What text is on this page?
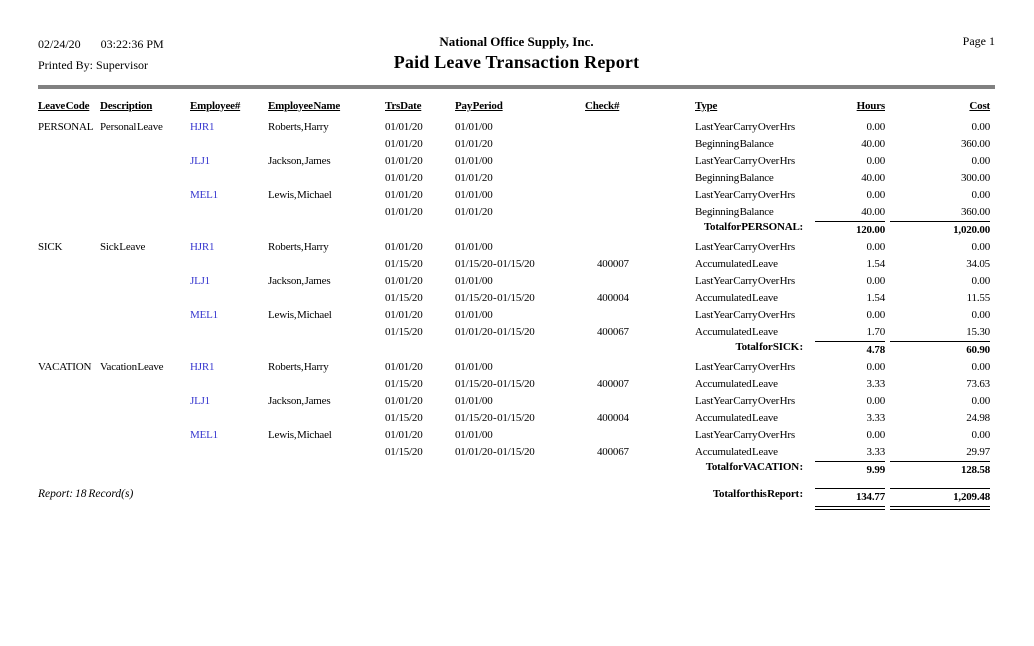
02/24/20 03:22:36 PM
Printed By: Supervisor
National Office Supply, Inc.
Paid Leave Transaction Report
Page 1
Leave Code	Description	Employee#	Employee Name	TrsDate	Pay Period	Check#	Type	Hours	Cost
PERSONAL	Personal Leave	HJR1	Roberts, Harry	01/01/20	01/01/00		Last Year Carry Over Hrs	0.00	0.00
				01/01/20	01/01/20		Beginning Balance	40.00	360.00
		JLJ1	Jackson, James	01/01/20	01/01/00		Last Year Carry Over Hrs	0.00	0.00
				01/01/20	01/01/20		Beginning Balance	40.00	300.00
		MEL1	Lewis, Michael	01/01/20	01/01/00		Last Year Carry Over Hrs	0.00	0.00
				01/01/20	01/01/20		Beginning Balance	40.00	360.00
						Total for PERSONAL :		120.00	1,020.00

SICK	Sick Leave	HJR1	Roberts, Harry	01/01/20	01/01/00		Last Year Carry Over Hrs	0.00	0.00
				01/15/20	01/15/20 - 01/15/20	400007	Accumulated Leave	1.54	34.05
		JLJ1	Jackson, James	01/01/20	01/01/00		Last Year Carry Over Hrs	0.00	0.00
				01/15/20	01/15/20 - 01/15/20	400004	Accumulated Leave	1.54	11.55
		MEL1	Lewis, Michael	01/01/20	01/01/00		Last Year Carry Over Hrs	0.00	0.00
				01/15/20	01/01/20 - 01/15/20	400067	Accumulated Leave	1.70	15.30
						Total for SICK :		4.78	60.90

VACATION	Vacation Leave	HJR1	Roberts, Harry	01/01/20	01/01/00		Last Year Carry Over Hrs	0.00	0.00
				01/15/20	01/15/20 - 01/15/20	400007	Accumulated Leave	3.33	73.63
		JLJ1	Jackson, James	01/01/20	01/01/00		Last Year Carry Over Hrs	0.00	0.00
				01/15/20	01/15/20 - 01/15/20	400004	Accumulated Leave	3.33	24.98
		MEL1	Lewis, Michael	01/01/20	01/01/00		Last Year Carry Over Hrs	0.00	0.00
				01/15/20	01/01/20 - 01/15/20	400067	Accumulated Leave	3.33	29.97
						Total for VACATION :		9.99	128.58

Report: 18 Record(s)						Total for this Report :		134.77	1,209.48
